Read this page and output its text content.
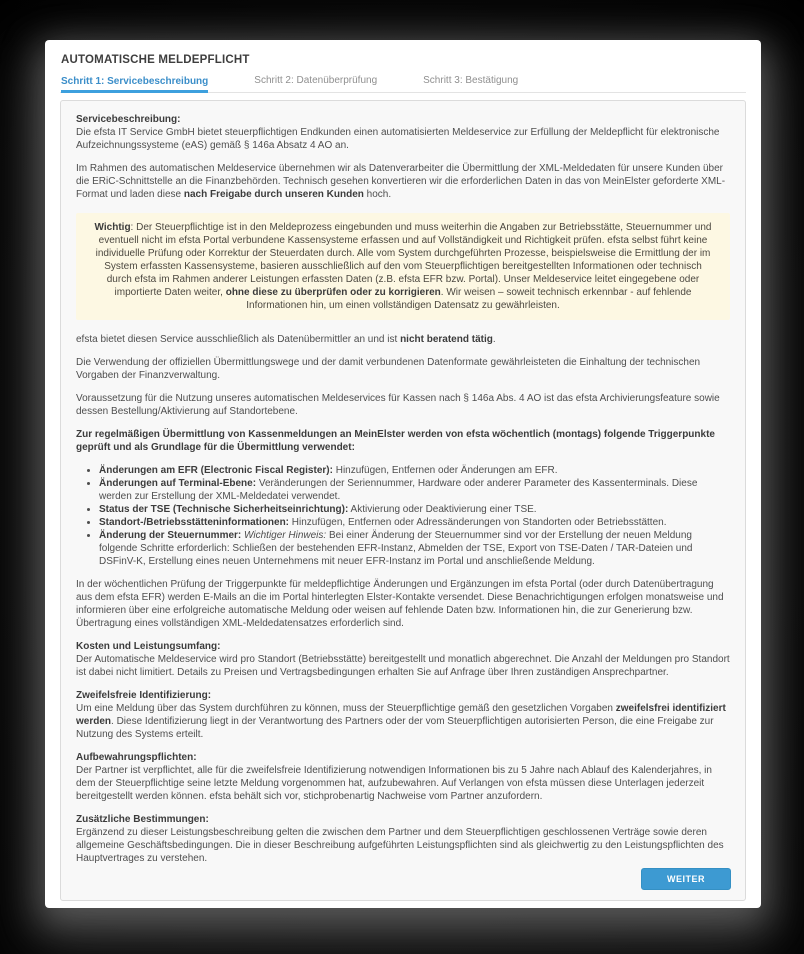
AUTOMATISCHE MELDEPFLICHT
Schritt 1: Servicebeschreibung	Schritt 2: Datenüberprüfung	Schritt 3: Bestätigung
Servicebeschreibung:
Die efsta IT Service GmbH bietet steuerpflichtigen Endkunden einen automatisierten Meldeservice zur Erfüllung der Meldepflicht für elektronische Aufzeichnungssysteme (eAS) gemäß § 146a Absatz 4 AO an.
Im Rahmen des automatischen Meldeservice übernehmen wir als Datenverarbeiter die Übermittlung der XML-Meldedaten für unsere Kunden über die ERiC-Schnittstelle an die Finanzbehörden. Technisch gesehen konvertieren wir die erforderlichen Daten in das von MeinElster geforderte XML-Format und laden diese nach Freigabe durch unseren Kunden hoch.
Wichtig: Der Steuerpflichtige ist in den Meldeprozess eingebunden und muss weiterhin die Angaben zur Betriebsstätte, Steuernummer und eventuell nicht im efsta Portal verbundene Kassensysteme erfassen und auf Vollständigkeit und Richtigkeit prüfen. efsta selbst führt keine individuelle Prüfung oder Korrektur der Steuerdaten durch. Alle vom System durchgeführten Prozesse, beispielsweise die Ermittlung der im System erfassten Kassensysteme, basieren ausschließlich auf den vom Steuerpflichtigen bereitgestellten Informationen oder technisch durch efsta im Rahmen anderer Leistungen erfassten Daten (z.B. efsta EFR bzw. Portal). Unser Meldeservice leitet eingegebene oder importierte Daten weiter, ohne diese zu überprüfen oder zu korrigieren. Wir weisen – soweit technisch erkennbar - auf fehlende Informationen hin, um einen vollständigen Datensatz zu gewährleisten.
efsta bietet diesen Service ausschließlich als Datenübermittler an und ist nicht beratend tätig.
Die Verwendung der offiziellen Übermittlungswege und der damit verbundenen Datenformate gewährleisteten die Einhaltung der technischen Vorgaben der Finanzverwaltung.
Voraussetzung für die Nutzung unseres automatischen Meldeservices für Kassen nach § 146a Abs. 4 AO ist das efsta Archivierungsfeature sowie dessen Bestellung/Aktivierung auf Standortebene.
Zur regelmäßigen Übermittlung von Kassenmeldungen an MeinElster werden von efsta wöchentlich (montags) folgende Triggerpunkte geprüft und als Grundlage für die Übermittlung verwendet:
• Änderungen am EFR (Electronic Fiscal Register): Hinzufügen, Entfernen oder Änderungen am EFR.
• Änderungen auf Terminal-Ebene: Veränderungen der Seriennummer, Hardware oder anderer Parameter des Kassenterminals. Diese werden zur Erstellung der XML-Meldedatei verwendet.
• Status der TSE (Technische Sicherheitseinrichtung): Aktivierung oder Deaktivierung einer TSE.
• Standort-/Betriebsstätteninformationen: Hinzufügen, Entfernen oder Adressänderungen von Standorten oder Betriebsstätten.
• Änderung der Steuernummer: Wichtiger Hinweis: Bei einer Änderung der Steuernummer sind vor der Erstellung der neuen Meldung folgende Schritte erforderlich: Schließen der bestehenden EFR-Instanz, Abmelden der TSE, Export von TSE-Daten / TAR-Dateien und DSFinV-K, Erstellung eines neuen Unternehmens mit neuer EFR-Instanz im Portal und anschließende Meldung.
In der wöchentlichen Prüfung der Triggerpunkte für meldepflichtige Änderungen und Ergänzungen im efsta Portal (oder durch Datenübertragung aus dem efsta EFR) werden E-Mails an die im Portal hinterlegten Elster-Kontakte versendet. Diese Benachrichtigungen erfolgen monatsweise und informieren über eine erfolgreiche automatische Meldung oder weisen auf fehlende Daten bzw. Informationen hin, die zur Generierung bzw. Übertragung eines vollständigen XML-Meldedatensatzes erforderlich sind.
Kosten und Leistungsumfang:
Der Automatische Meldeservice wird pro Standort (Betriebsstätte) bereitgestellt und monatlich abgerechnet. Die Anzahl der Meldungen pro Standort ist dabei nicht limitiert. Details zu Preisen und Vertragsbedingungen erhalten Sie auf Anfrage über Ihren zuständigen Ansprechpartner.
Zweifelsfreie Identifizierung:
Um eine Meldung über das System durchführen zu können, muss der Steuerpflichtige gemäß den gesetzlichen Vorgaben zweifelsfrei identifiziert werden. Diese Identifizierung liegt in der Verantwortung des Partners oder der vom Steuerpflichtigen autorisierten Person, die eine Freigabe zur Nutzung des Systems erteilt.
Aufbewahrungspflichten:
Der Partner ist verpflichtet, alle für die zweifelsfreie Identifizierung notwendigen Informationen bis zu 5 Jahre nach Ablauf des Kalenderjahres, in dem der Steuerpflichtige seine letzte Meldung vorgenommen hat, aufzubewahren. Auf Verlangen von efsta müssen diese Unterlagen jederzeit bereitgestellt werden können. efsta behält sich vor, stichprobenartig Nachweise vom Partner anzufordern.
Zusätzliche Bestimmungen:
Ergänzend zu dieser Leistungsbeschreibung gelten die zwischen dem Partner und dem Steuerpflichtigen geschlossenen Verträge sowie deren allgemeine Geschäftsbedingungen. Die in dieser Beschreibung aufgeführten Leistungspflichten sind als gleichwertig zu den Leistungspflichten des Hauptvertrages zu verstehen.
WEITER
